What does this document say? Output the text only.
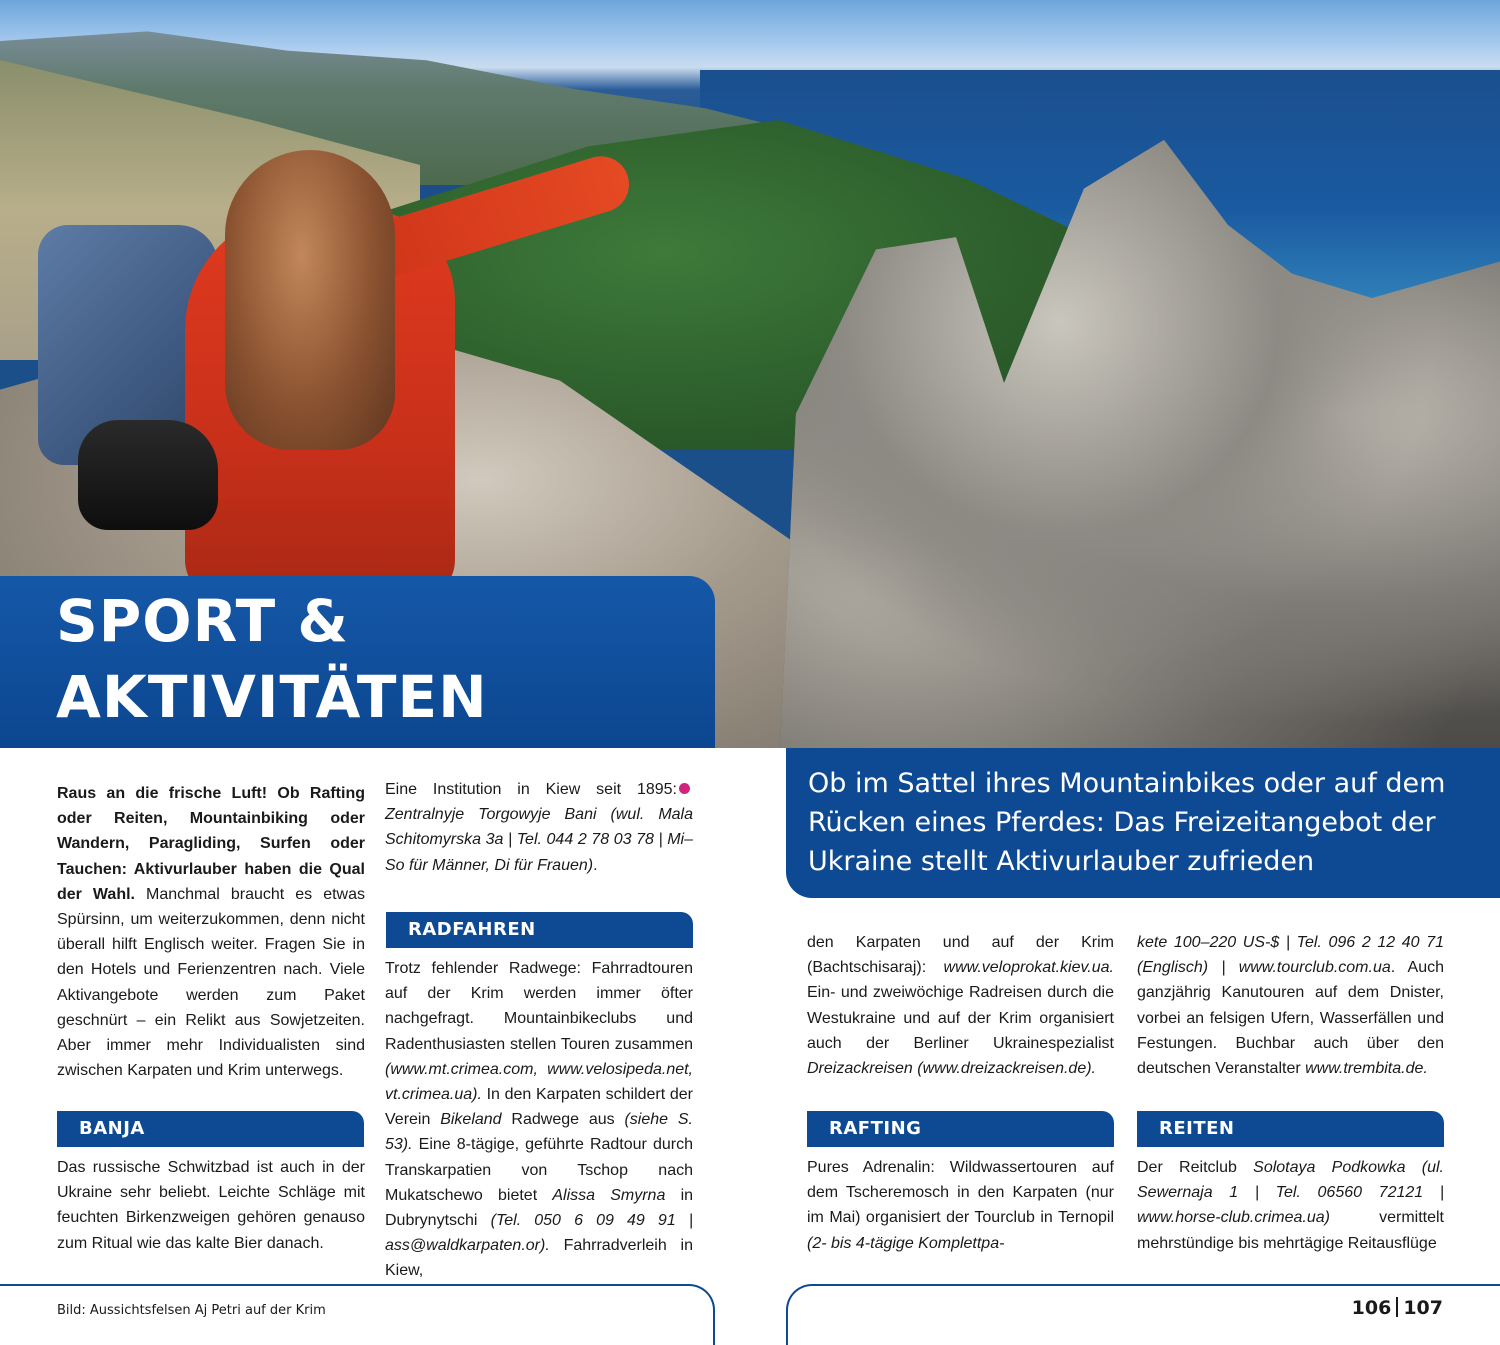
SPORT &
AKTIVITÄTEN

Ob im Sattel ihres Mountainbikes oder auf dem Rücken eines Pferdes: Das Freizeitangebot der Ukraine stellt Aktivurlauber zufrieden

Raus an die frische Luft! Ob Rafting oder Reiten, Mountainbiking oder Wandern, Paragliding, Surfen oder Tauchen: Aktivurlauber haben die Qual der Wahl. Manchmal braucht es etwas Spürsinn, um weiterzukommen, denn nicht überall hilft Englisch weiter. Fragen Sie in den Hotels und Ferienzentren nach. Viele Aktivangebote werden zum Paket geschnürt – ein Relikt aus Sowjetzeiten. Aber immer mehr Individualisten sind zwischen Karpaten und Krim unterwegs.

BANJA

Das russische Schwitzbad ist auch in der Ukraine sehr beliebt. Leichte Schläge mit feuchten Birkenzweigen gehören genauso zum Ritual wie das kalte Bier danach.

Eine Institution in Kiew seit 1895:Zentralnyje Torgowyje Bani (wul. Mala Schitomyrska 3a | Tel. 044 2 78 03 78 | Mi–So für Männer, Di für Frauen).

RADFAHREN

Trotz fehlender Radwege: Fahrradtouren auf der Krim werden immer öfter nachgefragt. Mountainbikeclubs und Radenthusiasten stellen Touren zusammen (www.mt.crimea.com, www.velosipeda.net, vt.crimea.ua). In den Karpaten schildert der Verein Bikeland Radwege aus (siehe S. 53). Eine 8-tägige, geführte Radtour durch Transkarpatien von Tschop nach Mukatschewo bietet Alissa Smyrna in Dubrynytschi (Tel. 050 6 09 49 91 | ass@waldkarpaten.or). Fahrradverleih in Kiew,

den Karpaten und auf der Krim (Bachtschisaraj): www.veloprokat.kiev.ua. Ein- und zweiwöchige Radreisen durch die Westukraine und auf der Krim organisiert auch der Berliner Ukrainespezialist Dreizackreisen (www.dreizackreisen.de).

RAFTING

Pures Adrenalin: Wildwassertouren auf dem Tscheremosch in den Karpaten (nur im Mai) organisiert der Tourclub in Ternopil (2- bis 4-tägige Komplettpa-

kete 100–220 US-$ | Tel. 096 2 12 40 71 (Englisch) | www.tourclub.com.ua. Auch ganzjährig Kanutouren auf dem Dnister, vorbei an felsigen Ufern, Wasserfällen und Festungen. Buchbar auch über den deutschen Veranstalter www.trembita.de.

REITEN

Der Reitclub Solotaya Podkowka (ul. Sewernaja 1 | Tel. 06560 72121 | www.horse-club.crimea.ua)	vermittelt mehrstündige bis mehrtägige Reitausflüge

Bild: Aussichtsfelsen Aj Petri auf der Krim	106 107
